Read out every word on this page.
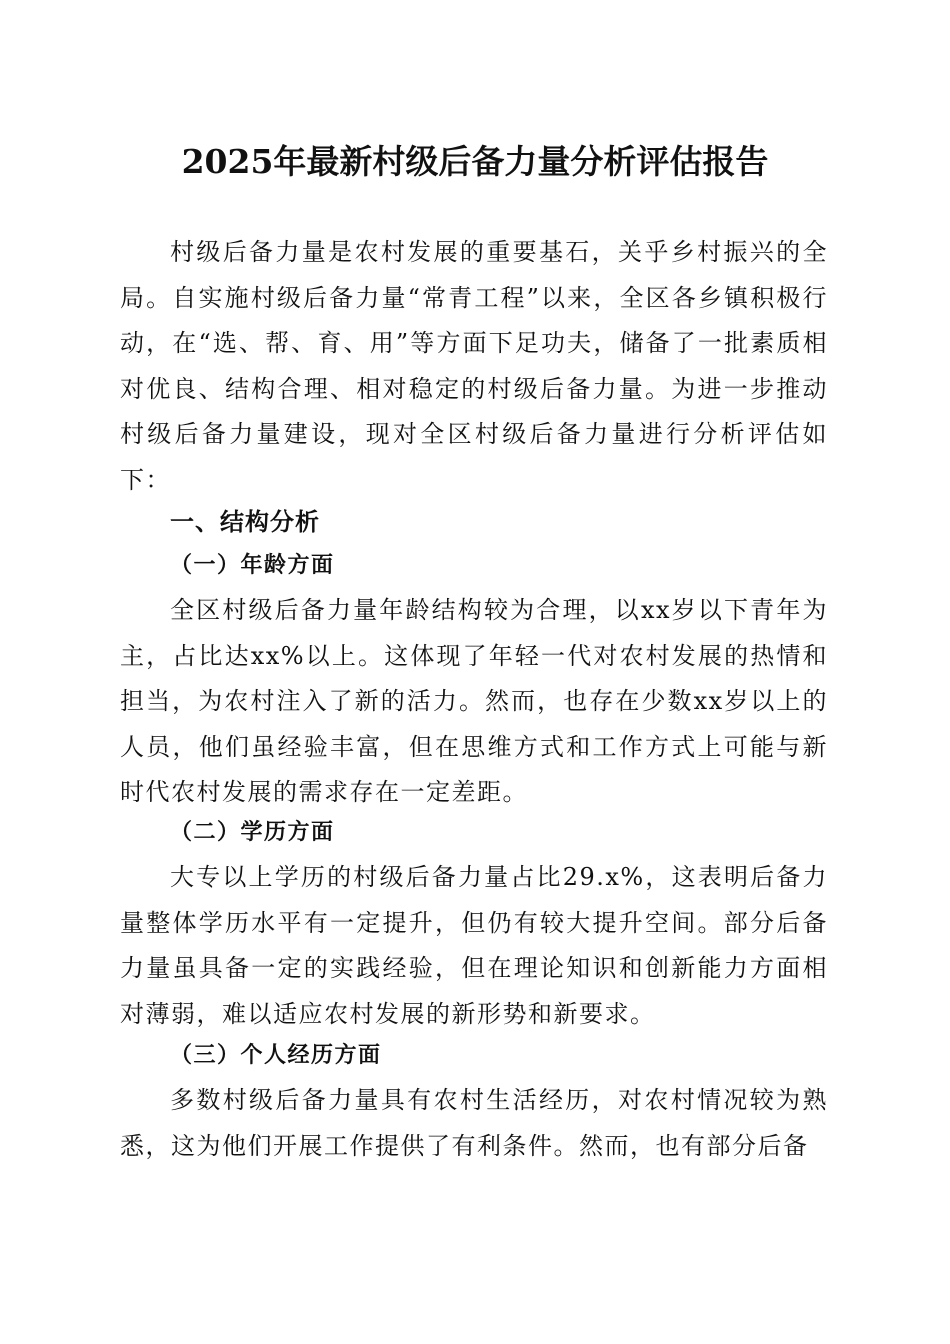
2025年最新村级后备力量分析评估报告

村级后备力量是农村发展的重要基石，关乎乡村振兴的全局。自实施村级后备力量“常青工程”以来，全区各乡镇积极行动，在“选、帮、育、用”等方面下足功夫，储备了一批素质相对优良、结构合理、相对稳定的村级后备力量。为进一步推动村级后备力量建设，现对全区村级后备力量进行分析评估如下：

一、结构分析
（一）年龄方面

全区村级后备力量年龄结构较为合理，以xx岁以下青年为主，占比达xx%以上。这体现了年轻一代对农村发展的热情和担当，为农村注入了新的活力。然而，也存在少数xx岁以上的人员，他们虽经验丰富，但在思维方式和工作方式上可能与新时代农村发展的需求存在一定差距。

（二）学历方面

大专以上学历的村级后备力量占比29.x%，这表明后备力量整体学历水平有一定提升，但仍有较大提升空间。部分后备力量虽具备一定的实践经验，但在理论知识和创新能力方面相对薄弱，难以适应农村发展的新形势和新要求。

（三）个人经历方面

多数村级后备力量具有农村生活经历，对农村情况较为熟悉，这为他们开展工作提供了有利条件。然而，也有部分后备
